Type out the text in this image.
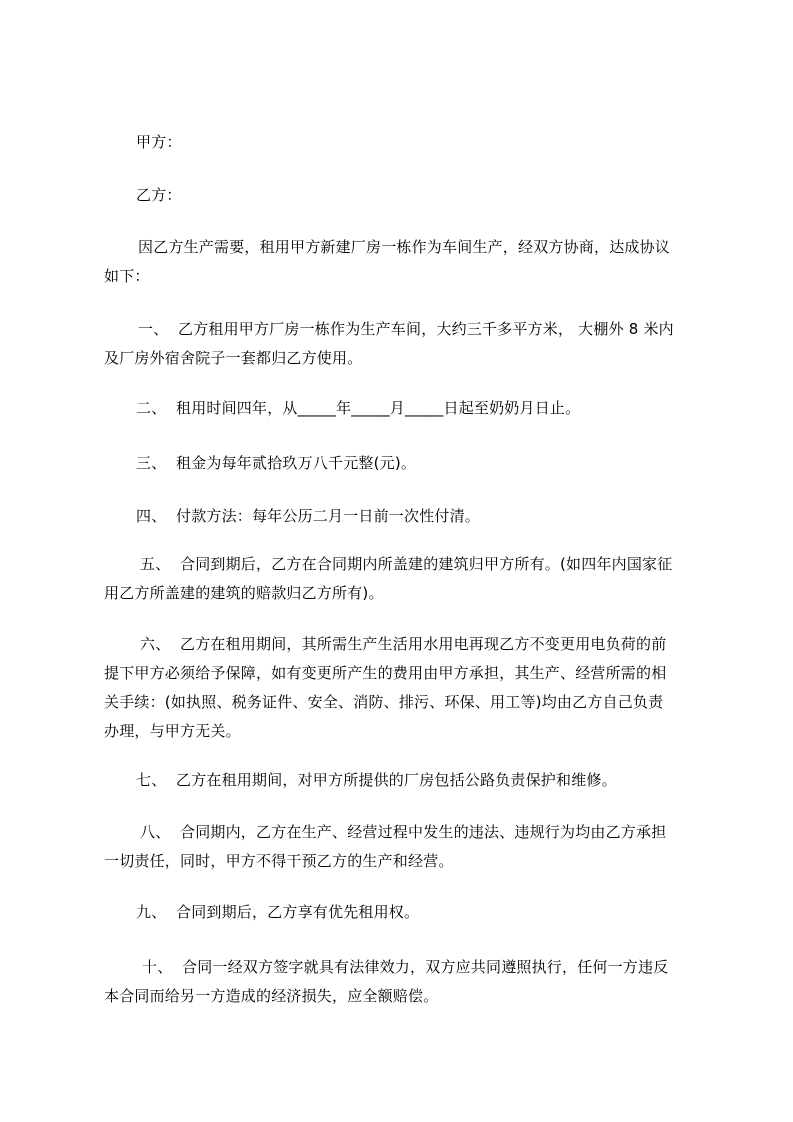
甲方：
乙方：
因乙方生产需要，租用甲方新建厂房一栋作为车间生产，经双方协商，达成协议
如下：
一、 乙方租用甲方厂房一栋作为生产车间，大约三千多平方米， 大棚外 8 米内
及厂房外宿舍院子一套都归乙方使用。
二、 租用时间四年，从_____年_____月_____日起至奶奶月日止。
三、 租金为每年贰拾玖万八千元整(元)。
四、 付款方法：每年公历二月一日前一次性付清。
五、 合同到期后，乙方在合同期内所盖建的建筑归甲方所有。(如四年内国家征
用乙方所盖建的建筑的赔款归乙方所有)。
六、 乙方在租用期间，其所需生产生活用水用电再现乙方不变更用电负荷的前
提下甲方必须给予保障，如有变更所产生的费用由甲方承担，其生产、经营所需的相
关手续：(如执照、税务证件、安全、消防、排污、环保、用工等)均由乙方自己负责
办理，与甲方无关。
七、 乙方在租用期间，对甲方所提供的厂房包括公路负责保护和维修。
八、 合同期内，乙方在生产、经营过程中发生的违法、违规行为均由乙方承担
一切责任，同时，甲方不得干预乙方的生产和经营。
九、 合同到期后，乙方享有优先租用权。
十、 合同一经双方签字就具有法律效力，双方应共同遵照执行，任何一方违反
本合同而给另一方造成的经济损失，应全额赔偿。
